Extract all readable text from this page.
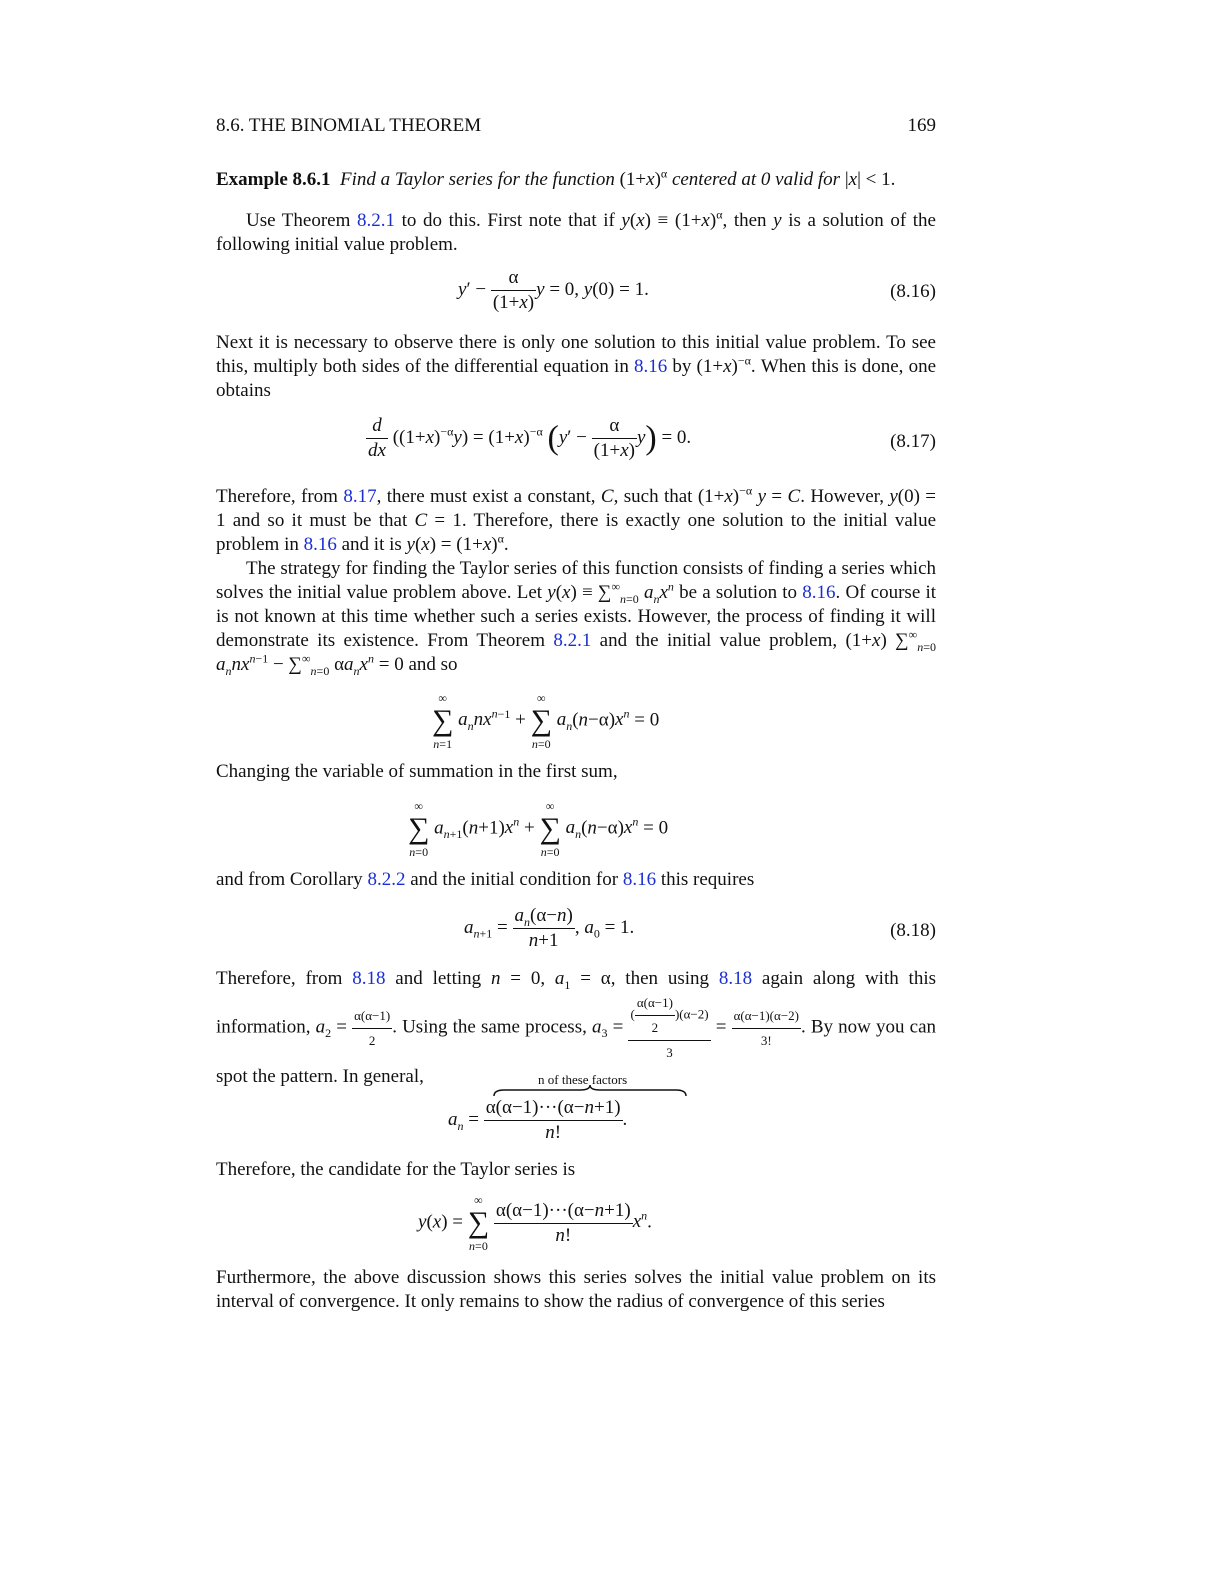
8.6. THE BINOMIAL THEOREM	169
Example 8.6.1 Find a Taylor series for the function $(1+x)^\alpha$ centered at 0 valid for |x| < 1.
Use Theorem 8.2.1 to do this. First note that if $y(x) \equiv (1+x)^\alpha$, then y is a solution of the following initial value problem.
$y' - \frac{\alpha}{(1+x)}$ y = 0, y(0) = 1.	(8.16)
Next it is necessary to observe there is only one solution to this initial value problem. To see this, multiply both sides of the differential equation in 8.16 by $(1+x)^{-\alpha}$. When this is done, one obtains
$\frac{d}{dx} ((1+x)^{-\alpha}y) = (1+x)^{-\alpha}$ $(y' - \frac{\alpha}{(1+x)} y) = 0$.	(8.17)
Therefore, from 8.17, there must exist a constant, C, such that $(1+x)^{-\alpha}$ y = C. However, y(0) = 1 and so it must be that C = 1. Therefore, there is exactly one solution to the initial value problem in 8.16 and it is $y(x) = (1+x)^\alpha$.
The strategy for finding the Taylor series of this function consists of finding a series which solves the initial value problem above. Let $y(x) \equiv \sum^\infty_{n=0}$ $a_nx^n$ be a solution to 8.16. Of course it is not known at this time whether such a series exists. However, the process of finding it will demonstrate its existence. From Theorem 8.2.1 and the initial value problem, (1+x) $\sum^\infty_{n=0}$ $a_nnx^{n-1} - \sum^\infty_{n=0}$ $\alpha a_nx^n = 0$ and so
∞
∑
n=1
$a_nnx^{n-1}$ +
∞
∑
n=0
$a_n(n-\alpha)x^n = 0$
Changing the variable of summation in the first sum,
∞
∑
n=0
$a_{n+1}(n+1)x^n$ +
∞
∑
n=0
$a_n(n-\alpha)x^n = 0$
and from Corollary 8.2.2 and the initial condition for 8.16 this requires
$a_{n+1} = \frac{a_n(\alpha-n)}{n+1}$ , $a_0 = 1$.	(8.18)
Therefore, from 8.18 and letting n = 0, $a_1 = \alpha$, then using 8.18 again along with this information, $a_2 = \frac{\alpha(\alpha-1)}{2}$ . Using the same process, $a_3 = \frac{( \frac{\alpha(\alpha-1)}{2} )(\alpha-2)}{3} = \frac{\alpha(\alpha-1)(\alpha-2)}{3!}$ . By now you can spot the pattern. In general,	n of these factors
$a_n = \frac{\alpha(\alpha-1)\cdot\cdot\cdot(\alpha-n+1)}{n!}$ .
Therefore, the candidate for the Taylor series is
y(x) =
∞
∑
n=0
$\frac{\alpha(\alpha-1)\cdot\cdot\cdot(\alpha-n+1)}{n!} x^n$.
Furthermore, the above discussion shows this series solves the initial value problem on its interval of convergence. It only remains to show the radius of convergence of this series
